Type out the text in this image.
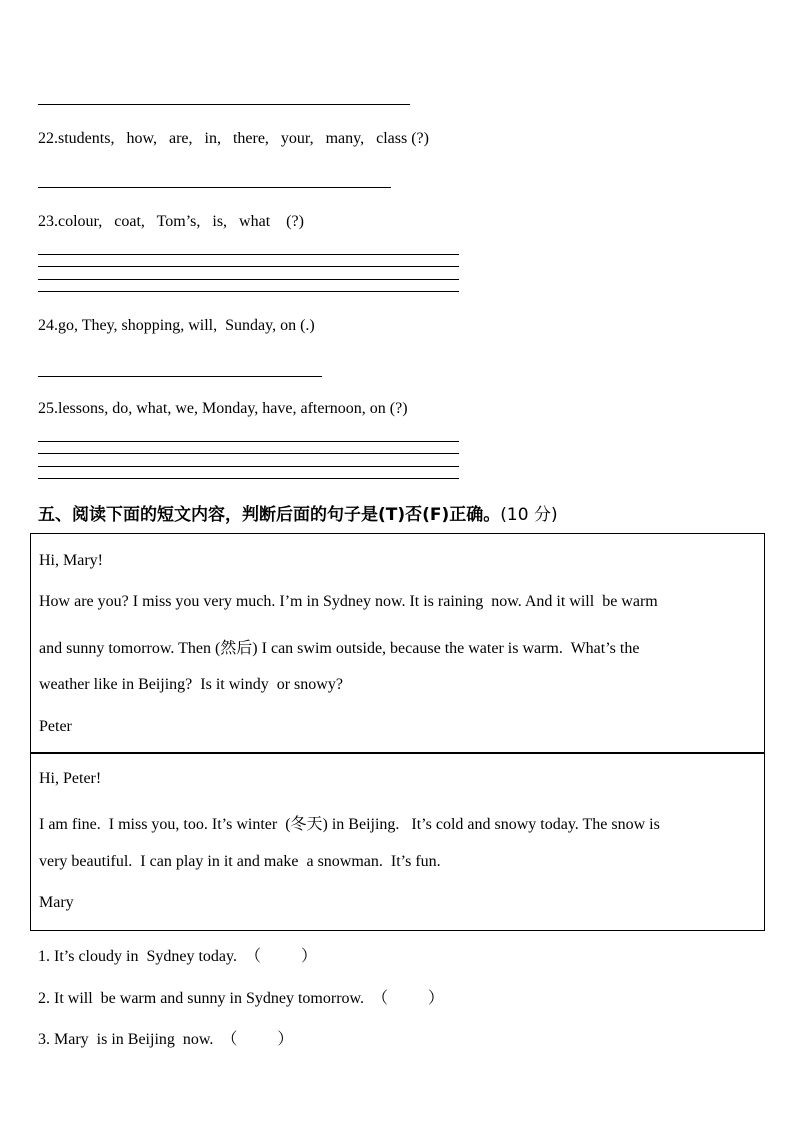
22.students,   how,   are,   in,   there,   your,   many,   class (?)
23.colour,   coat,   Tom’s,   is,   what    (?)
24.go, They, shopping, will,  Sunday, on (.)
25.lessons, do, what, we, Monday, have, afternoon, on (?)
五、阅读下面的短文内容，判断后面的句子是(T)否(F)正确。(10 分)

Hi, Mary!

How are you? I miss you very much. I’m in Sydney now. It is raining  now. And it will  be warm

and sunny tomorrow. Then (然后) I can swim outside, because the water is warm.  What’s the

weather like in Beijing?  Is it windy  or snowy?

Peter

Hi, Peter!

I am fine.  I miss you, too. It’s winter  (冬天) in Beijing.   It’s cold and snowy today. The snow is

very beautiful.  I can play in it and make  a snowman.  It’s fun.

Mary

1. It’s cloudy in  Sydney today.  （          ）
2. It will  be warm and sunny in Sydney tomorrow.  （          ）
3. Mary  is in Beijing  now.  （          ）
